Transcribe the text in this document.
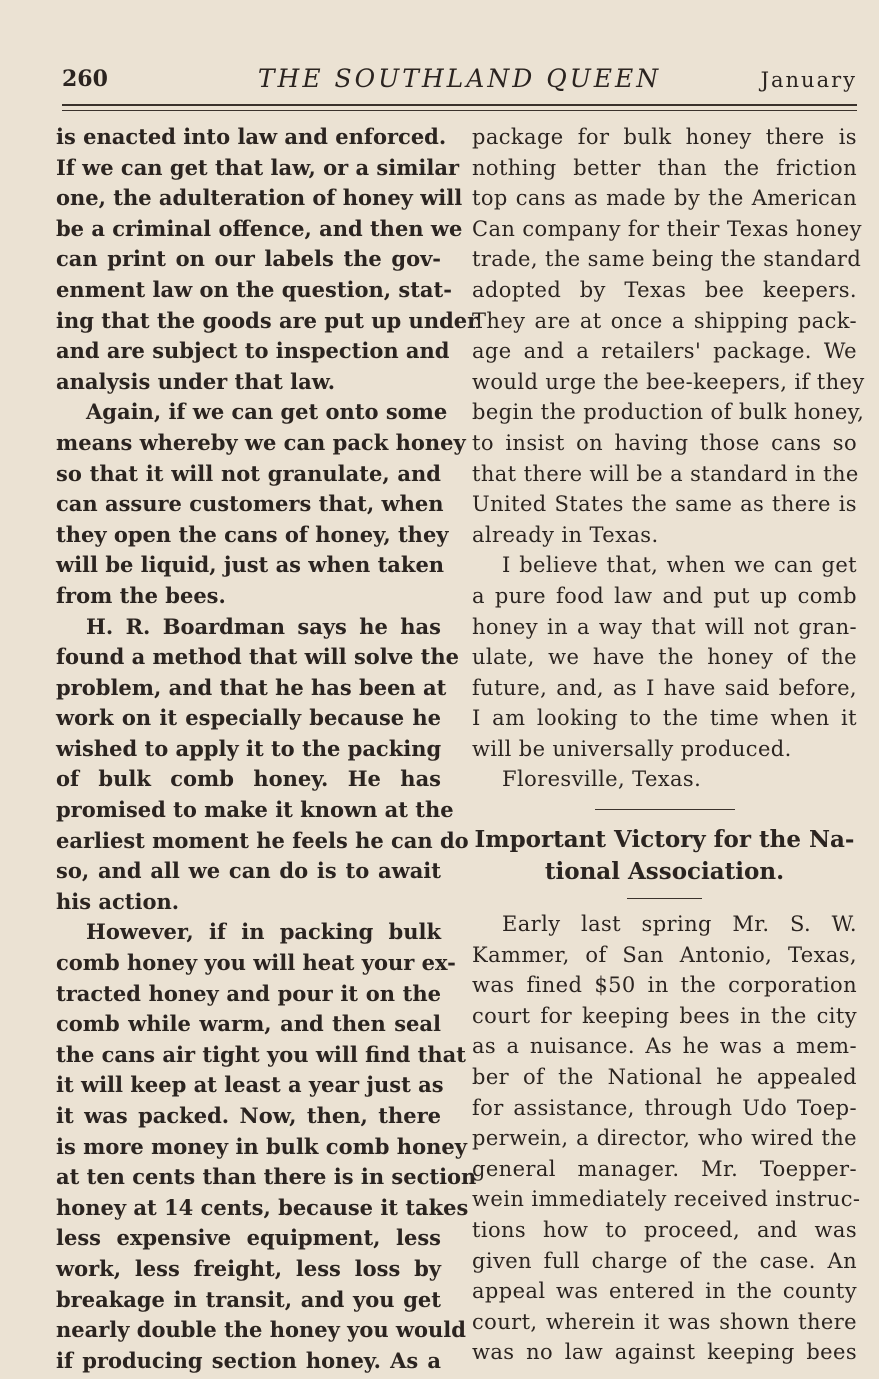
260	THE SOUTHLAND QUEEN	January
is enacted into law and enforced.
If we can get that law, or a similar
one, the adulteration of honey will
be a criminal offence, and then we
can print on our labels the gov-
enment law on the question, stat-
ing that the goods are put up under
and are subject to inspection and
analysis under that law.
Again, if we can get onto some
means whereby we can pack honey
so that it will not granulate, and
can assure customers that, when
they open the cans of honey, they
will be liquid, just as when taken
from the bees.
H. R. Boardman says he has
found a method that will solve the
problem, and that he has been at
work on it especially because he
wished to apply it to the packing
of bulk comb honey. He has
promised to make it known at the
earliest moment he feels he can do
so, and all we can do is to await
his action.
However, if in packing bulk
comb honey you will heat your ex-
tracted honey and pour it on the
comb while warm, and then seal
the cans air tight you will find that
it will keep at least a year just as
it was packed. Now, then, there
is more money in bulk comb honey
at ten cents than there is in section
honey at 14 cents, because it takes
less expensive equipment, less
work, less freight, less loss by
breakage in transit, and you get
nearly double the honey you would
if producing section honey. As a
package for bulk honey there is
nothing better than the friction
top cans as made by the American
Can company for their Texas honey
trade, the same being the standard
adopted by Texas bee keepers.
They are at once a shipping pack-
age and a retailers' package. We
would urge the bee-keepers, if they
begin the production of bulk honey,
to insist on having those cans so
that there will be a standard in the
United States the same as there is
already in Texas.
I believe that, when we can get
a pure food law and put up comb
honey in a way that will not gran-
ulate, we have the honey of the
future, and, as I have said before,
I am looking to the time when it
will be universally produced.
Floresville, Texas.
Important Victory for the Na-
tional Association.
Early last spring Mr. S. W.
Kammer, of San Antonio, Texas,
was fined $50 in the corporation
court for keeping bees in the city
as a nuisance. As he was a mem-
ber of the National he appealed
for assistance, through Udo Toep-
perwein, a director, who wired the
general manager. Mr. Toepper-
wein immediately received instruc-
tions how to proceed, and was
given full charge of the case. An
appeal was entered in the county
court, wherein it was shown there
was no law against keeping bees
